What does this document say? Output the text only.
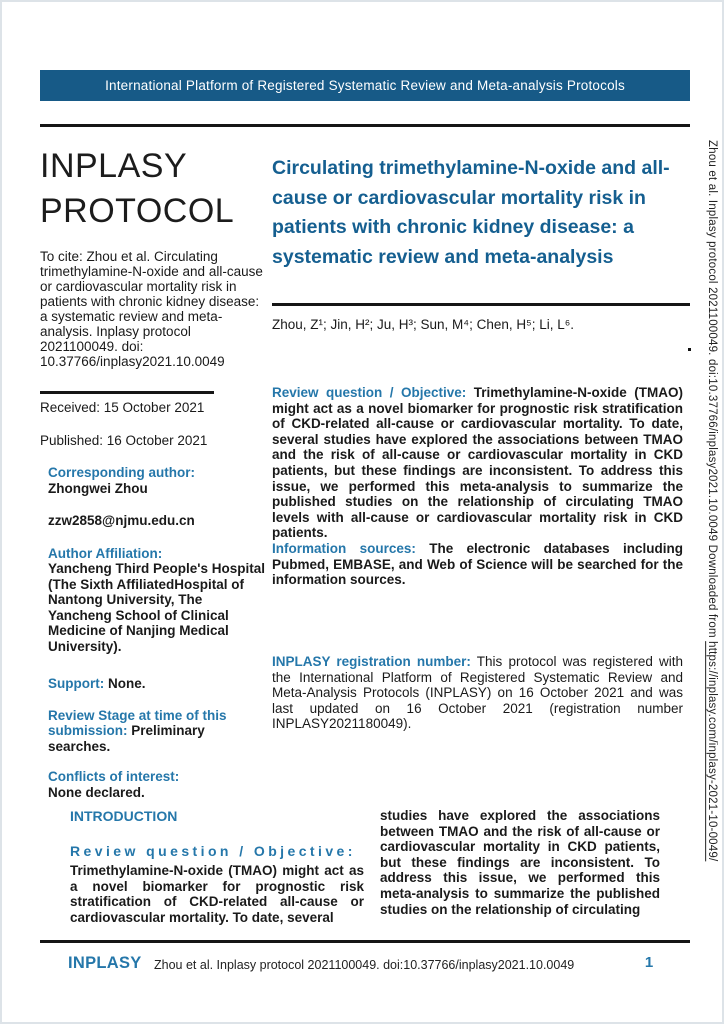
International Platform of Registered Systematic Review and Meta-analysis Protocols
INPLASY
PROTOCOL
To cite: Zhou et al. Circulating trimethylamine-N-oxide and all-cause or cardiovascular mortality risk in patients with chronic kidney disease: a systematic review and meta-analysis. Inplasy protocol 2021100049. doi: 10.37766/inplasy2021.10.0049
Received: 15 October 2021
Published: 16 October 2021

Corresponding author:
Zhongwei Zhou

zzw2858@njmu.edu.cn

Author Affiliation:

Yancheng Third People's Hospital (The Sixth AffiliatedHospital of Nantong University, The Yancheng School of Clinical Medicine of Nanjing Medical University).

Support: None.

Review Stage at time of this submission: Preliminary searches.

Conflicts of interest:
None declared.

Circulating trimethylamine-N-oxide and all-cause or cardiovascular mortality risk in patients with chronic kidney disease: a systematic review and meta-analysis
Zhou, Z¹; Jin, H²; Ju, H³; Sun, M⁴; Chen, H⁵; Li, L⁶.

Review question / Objective: Trimethylamine-N-oxide (TMAO) might act as a novel biomarker for prognostic risk stratification of CKD-related all-cause or cardiovascular mortality. To date, several studies have explored the associations between TMAO and the risk of all-cause or cardiovascular mortality in CKD patients, but these findings are inconsistent. To address this issue, we performed this meta-analysis to summarize the published studies on the relationship of circulating TMAO levels with all-cause or cardiovascular mortality risk in CKD patients.

Information sources: The electronic databases including Pubmed, EMBASE, and Web of Science will be searched for the information sources.

INPLASY registration number: This protocol was registered with the International Platform of Registered Systematic Review and Meta-Analysis Protocols (INPLASY) on 16 October 2021 and was last updated on 16 October 2021 (registration number INPLASY2021180049).
INTRODUCTION
Review question / Objective:
Trimethylamine-N-oxide (TMAO) might act as a novel biomarker for prognostic risk stratification of CKD-related all-cause or cardiovascular mortality. To date, several
studies have explored the associations between TMAO and the risk of all-cause or cardiovascular mortality in CKD patients, but these findings are inconsistent. To address this issue, we performed this meta-analysis to summarize the published studies on the relationship of circulating
INPLASY Zhou et al. Inplasy protocol 2021100049. doi:10.37766/inplasy2021.10.0049	1
Zhou et al. Inplasy protocol 2021100049. doi:10.37766/inplasy2021.10.0049 Downloaded from https://inplasy.com/inplasy-2021-10-0049/
